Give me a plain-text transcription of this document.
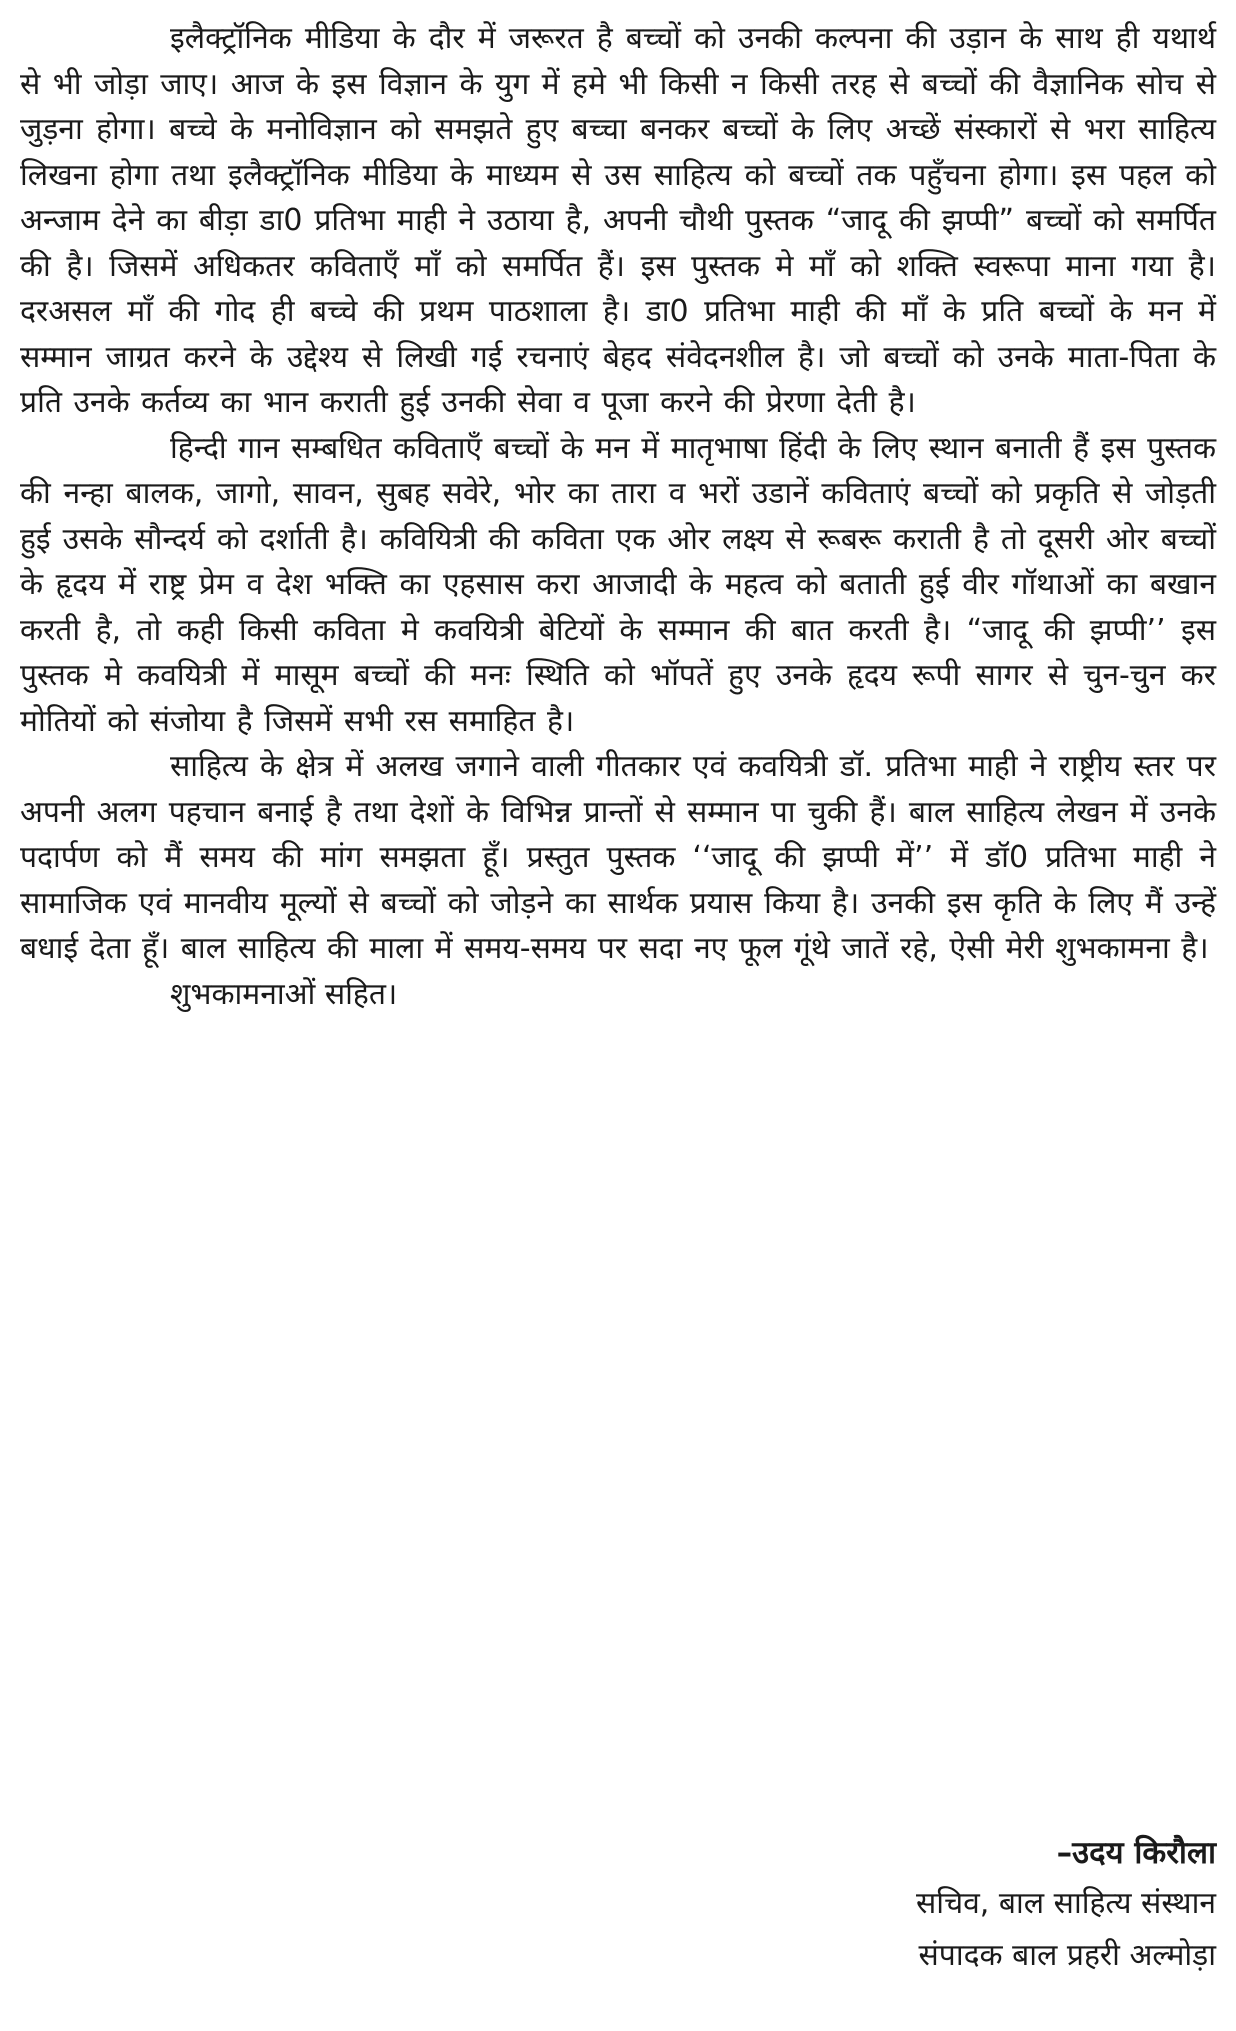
इलैक्ट्रॉनिक मीडिया के दौर में जरूरत है बच्चों को उनकी कल्पना की उड़ान के साथ ही यथार्थ से भी जोड़ा जाए। आज के इस विज्ञान के युग में हमे भी किसी न किसी तरह से बच्चों की वैज्ञानिक सोच से जुड़ना होगा। बच्चे के मनोविज्ञान को समझते हुए बच्चा बनकर बच्चों के लिए अच्छें संस्कारों से भरा साहित्य लिखना होगा तथा इलैक्ट्रॉनिक मीडिया के माध्यम से उस साहित्य को बच्चों तक पहुँचना होगा। इस पहल को अन्जाम देने का बीड़ा डा0 प्रतिभा माही ने उठाया है, अपनी चौथी पुस्तक “जादू की झप्पी” बच्चों को समर्पित की है। जिसमें अधिकतर कविताएँ माँ को समर्पित हैं। इस पुस्तक मे माँ को शक्ति स्वरूपा माना गया है। दरअसल माँ की गोद ही बच्चे की प्रथम पाठशाला है। डा0 प्रतिभा माही की माँ के प्रति बच्चों के मन में सम्मान जाग्रत करने के उद्देश्य से लिखी गई रचनाएं बेहद संवेदनशील है। जो बच्चों को उनके माता-पिता के प्रति उनके कर्तव्य का भान कराती हुई उनकी सेवा व पूजा करने की प्रेरणा देती है।

हिन्दी गान सम्बधित कविताएँ बच्चों के मन में मातृभाषा हिंदी के लिए स्थान बनाती हैं इस पुस्तक की नन्हा बालक, जागो, सावन, सुबह सवेरे, भोर का तारा व भरों उडानें कविताएं बच्चों को प्रकृति से जोड़ती हुई उसके सौन्दर्य को दर्शाती है। कवियित्री की कविता एक ओर लक्ष्य से रूबरू कराती है तो दूसरी ओर बच्चों के हृदय में राष्ट्र प्रेम व देश भक्ति का एहसास करा आजादी के महत्व को बताती हुई वीर गॉथाओं का बखान करती है, तो कही किसी कविता मे कवयित्री बेटियों के सम्मान की बात करती है। “जादू की झप्पी’’ इस पुस्तक मे कवयित्री में मासूम बच्चों की मनः स्थिति को भॉपतें हुए उनके हृदय रूपी सागर से चुन-चुन कर मोतियों को संजोया है जिसमें सभी रस समाहित है।

साहित्य के क्षेत्र में अलख जगाने वाली गीतकार एवं कवयित्री डॉ. प्रतिभा माही ने राष्ट्रीय स्तर पर अपनी अलग पहचान बनाई है तथा देशों के विभिन्न प्रान्तों से सम्मान पा चुकी हैं। बाल साहित्य लेखन में उनके पदार्पण को मैं समय की मांग समझता हूँ। प्रस्तुत पुस्तक ‘‘जादू की झप्पी में’’ में डॉ0 प्रतिभा माही ने सामाजिक एवं मानवीय मूल्यों से बच्चों को जोड़ने का सार्थक प्रयास किया है। उनकी इस कृति के लिए मैं उन्हें बधाई देता हूँ। बाल साहित्य की माला में समय-समय पर सदा नए फूल गूंथे जातें रहे, ऐसी मेरी शुभकामना है।

शुभकामनाओं सहित।

–उदय किरौला
सचिव, बाल साहित्य संस्थान
संपादक बाल प्रहरी अल्मोड़ा
